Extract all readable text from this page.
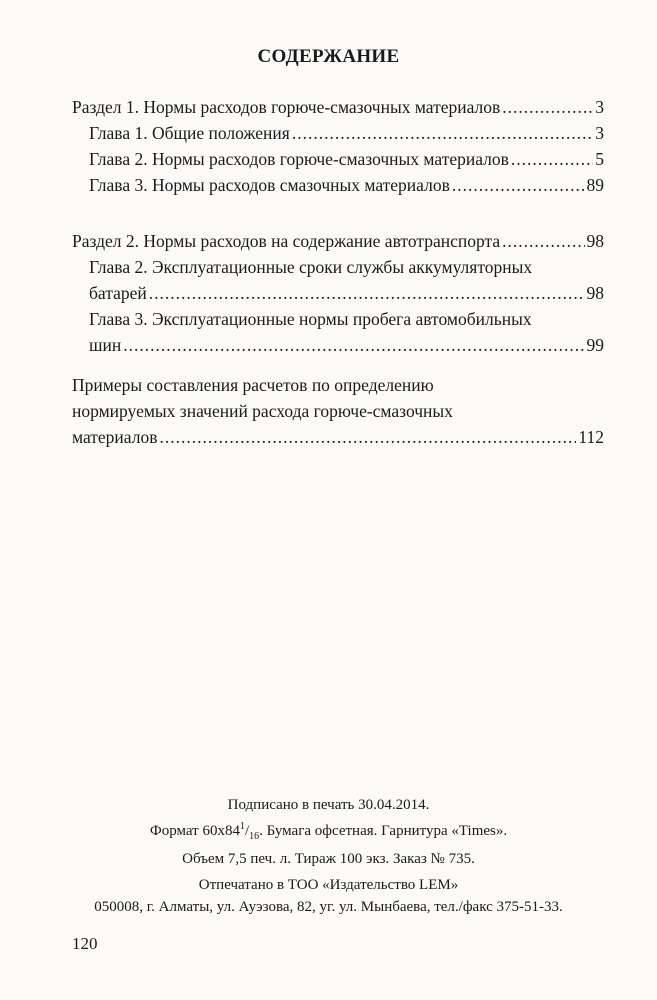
СОДЕРЖАНИЕ
Раздел 1. Нормы расходов горюче-смазочных материалов .....	3
Глава 1. Общие положения .....	3
Глава 2. Нормы расходов горюче-смазочных материалов .....	5
Глава 3. Нормы расходов смазочных материалов .....	89
Раздел 2. Нормы расходов на содержание автотранспорта .....	98
Глава 2. Эксплуатационные сроки службы аккумуляторных
батарей .....	98
Глава 3. Эксплуатационные нормы пробега автомобильных
шин .....	99
Примеры составления расчетов по определению
нормируемых значений расхода горюче-смазочных
материалов .....	112
Подписано в печать 30.04.2014.
Формат $60х84^1/_{16}$. Бумага офсетная. Гарнитура «Times».
Объем 7,5 печ. л. Тираж 100 экз. Заказ № 735.
Отпечатано в ТОО «Издательство LEM»
050008, г. Алматы, ул. Ауэзова, 82, уг. ул. Мынбаева, тел./факс 375-51-33.
120
